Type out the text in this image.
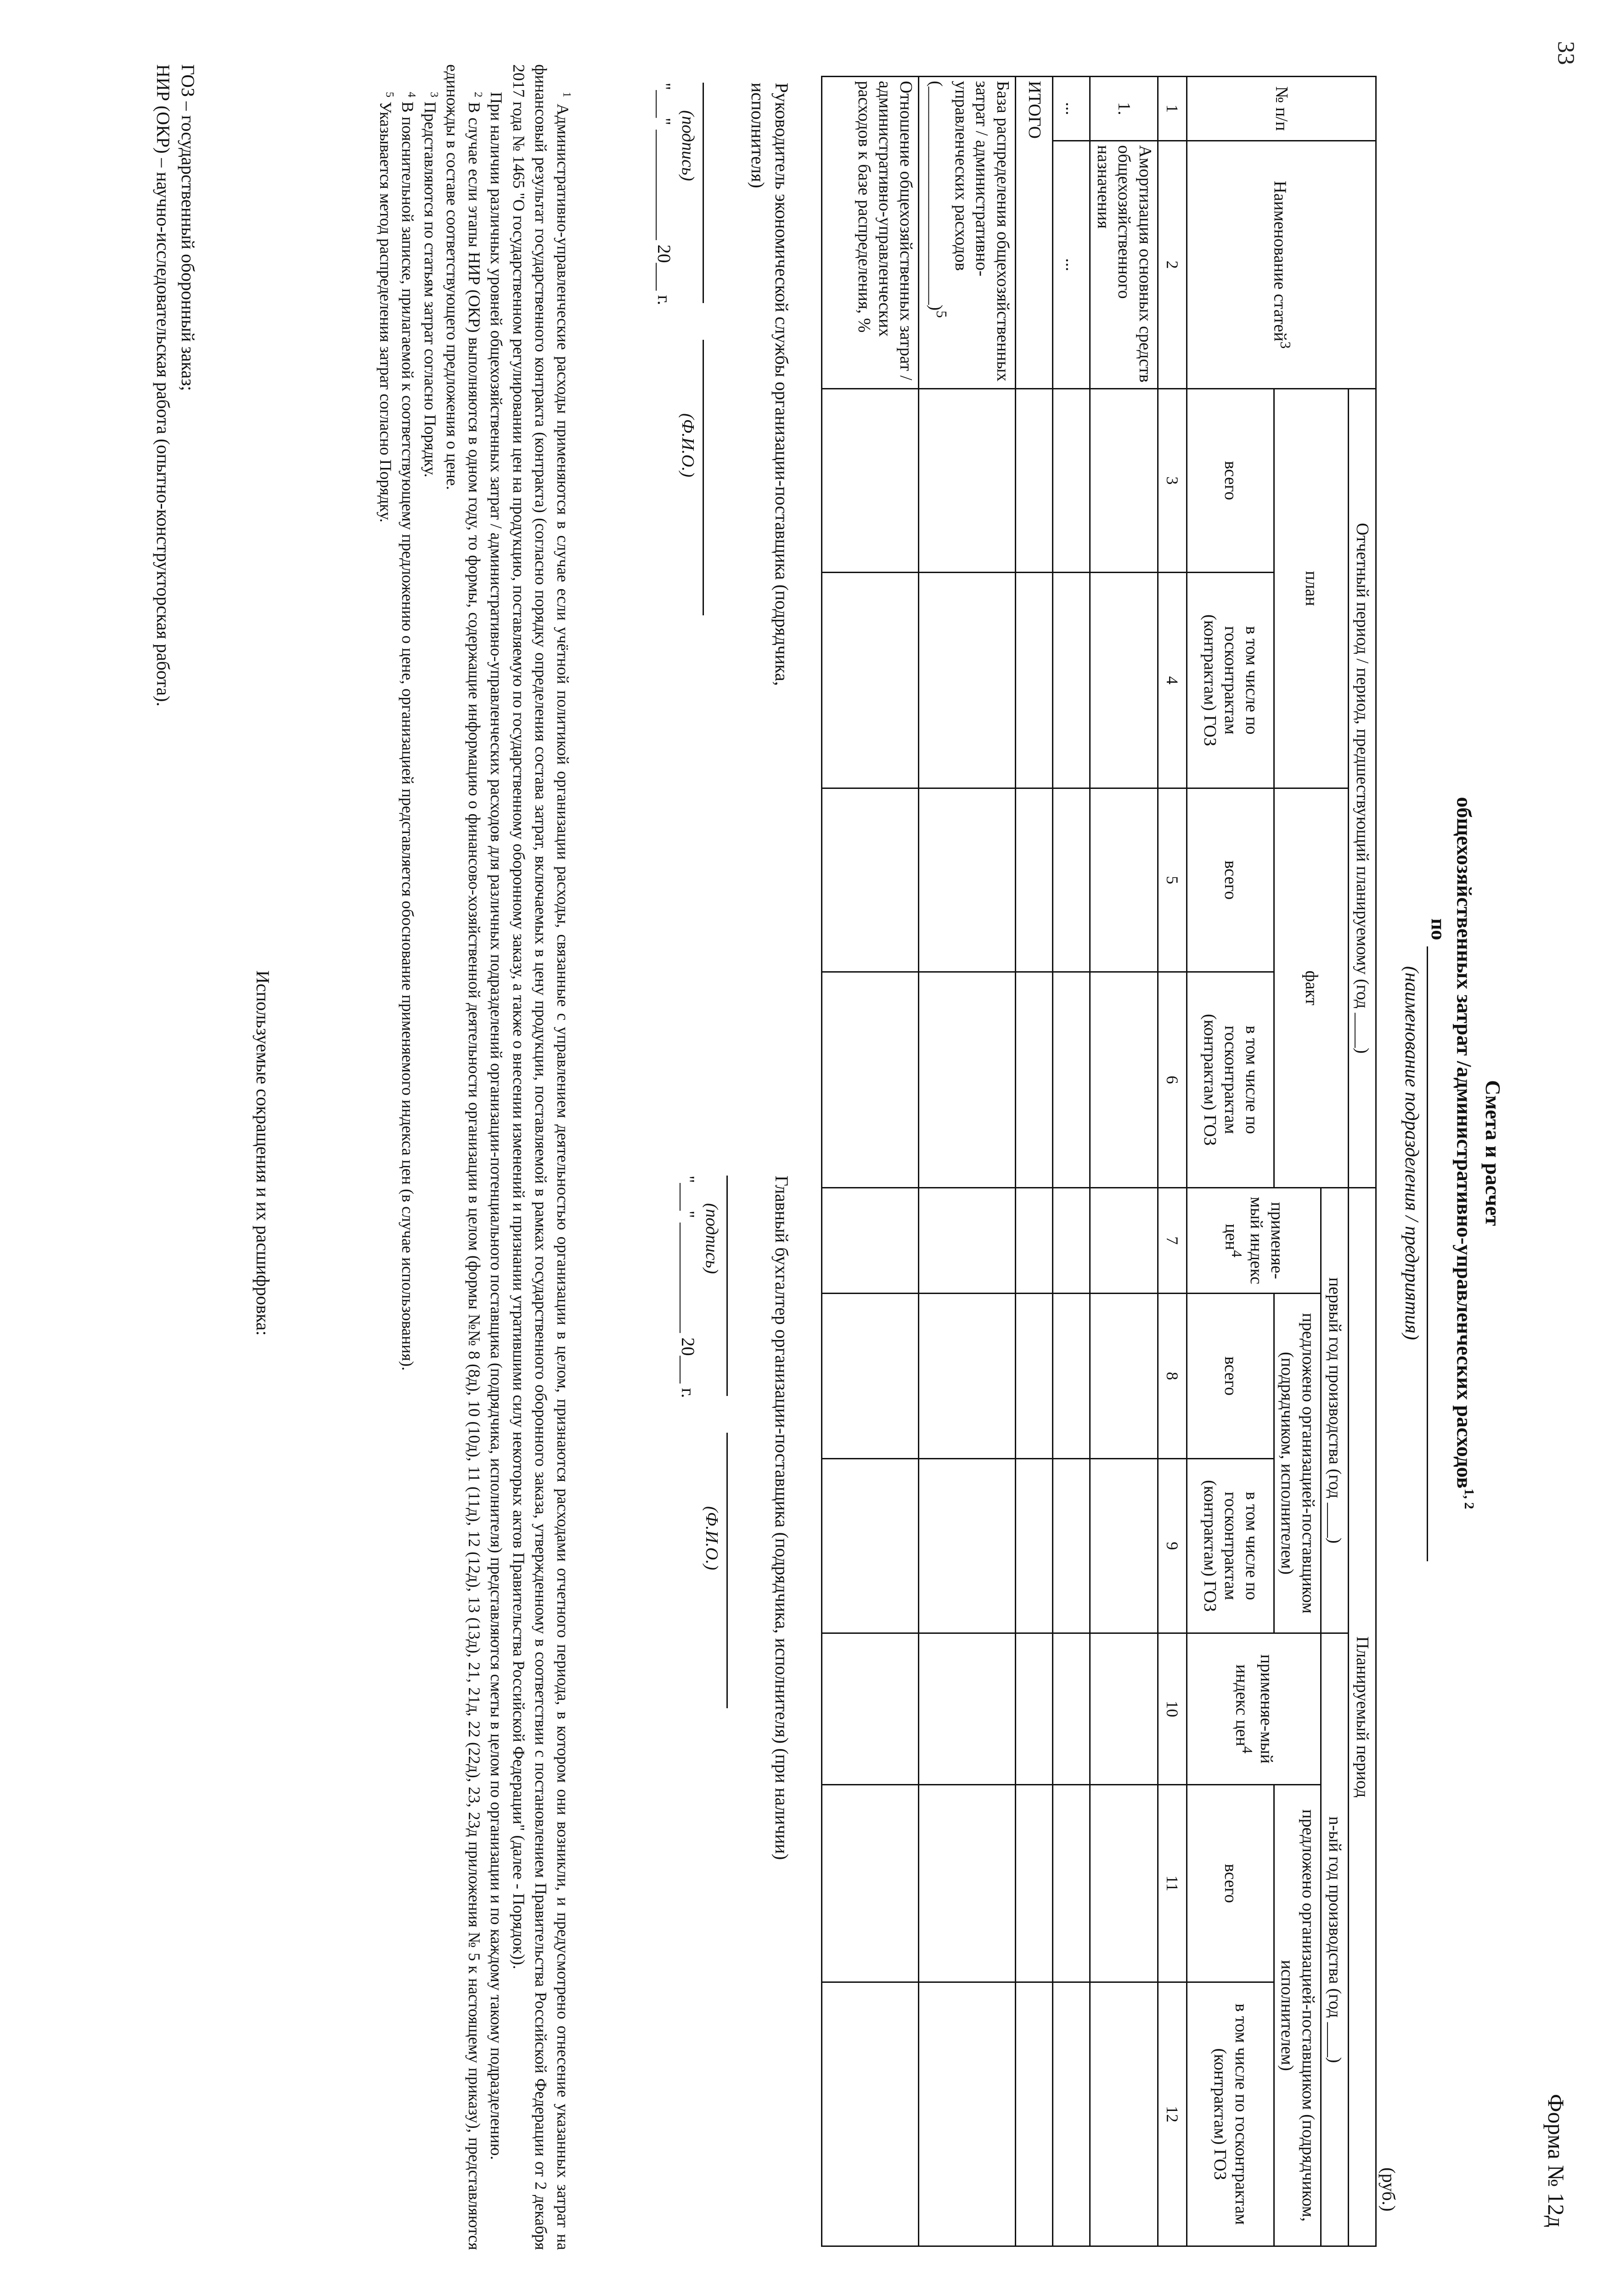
33
Форма № 12д
Смета и расчет
общехозяйственных затрат /административно-управленческих расходов$^{1, 2}$
по
(наименование подразделения / предприятия)
(руб.)
№ п/п	Наименование статей$^3$	Отчетный период / период, предшествующий планируемому (год ____)				Планируемый период					
		план		факт		первый год производства (год ____)			n-ый год производства (год ____)		
						применяе-мый индекс цен$^4$	предложено организацией-поставщиком (подрядчиком, исполнителем)		применяе-мый индекс цен$^4$	предложено организацией-поставщиком (подрядчиком, исполнителем)	
		всего	в том числе по госконтрактам (контрактам) ГОЗ	всего	в том числе по госконтрактам (контрактам) ГОЗ		всего	в том числе по госконтрактам (контрактам) ГОЗ		всего	в том числе по госконтрактам (контрактам) ГОЗ
1	2	3	4	5	6	7	8	9	10	11	12
1.	Амортизация основных средств общехозяйственного назначения										
...	...										
ИТОГО											
База распределения общехозяйственных затрат / административно-управленческих расходов
(_________________________)$^5$										
Отношение общехозяйственных затрат / административно-управленческих расходов к базе распределения, %											
Руководитель экономической службы организации-поставщика (подрядчика, исполнителя)
(подпись)
(Ф.И.О.)
"___" ____________ 20___ г.
Главный бухгалтер организации-поставщика (подрядчика, исполнителя) (при наличии)
(подпись)
(Ф.И.О.)
"___" ____________ 20___ г.

$^1$ Административно-управленческие расходы применяются в случае если учётной политикой организации расходы, связанные с управлением деятельностью организации в целом, признаются расходами отчетного периода, в котором они возникли, и предусмотрено отнесение указанных затрат на финансовый результат государственного контракта (контракта) (согласно порядку определения состава затрат, включаемых в цену продукции, поставляемой в рамках государственного оборонного заказа, утвержденному в соответствии с постановлением Правительства Российской Федерации от 2 декабря 2017 года № 1465 "О государственном регулировании цен на продукцию, поставляемую по государственному оборонному заказу, а также о внесении изменений и признании утратившими силу некоторых актов Правительства Российской Федерации" (далее - Порядок)).

При наличии различных уровней общехозяйственных затрат / административно-управленческих расходов для различных подразделений организации-потенциального поставщика (подрядчика, исполнителя) представляются сметы в целом по организации и по каждому такому подразделению.

$^2$ В случае если этапы НИР (ОКР) выполняются в одном году, то формы, содержащие информацию о финансово-хозяйственной деятельности организации в целом (формы №№ 8 (8д), 10 (10д), 11 (11д), 12 (12д), 13 (13д), 21, 21д, 22 (22д), 23, 23д приложения № 5 к настоящему приказу), представляются единожды в составе соответствующего предложения о цене.

$^3$ Представляются по статьям затрат согласно Порядку.

$^4$ В пояснительной записке, прилагаемой к соответствующему предложению о цене, организацией представляется обоснование применяемого индекса цен (в случае использования).

$^5$ Указывается метод распределения затрат согласно Порядку.

Используемые сокращения и их расшифровка:
ГОЗ – государственный оборонный заказ;
НИР (ОКР) – научно-исследовательская работа (опытно-конструкторская работа).
